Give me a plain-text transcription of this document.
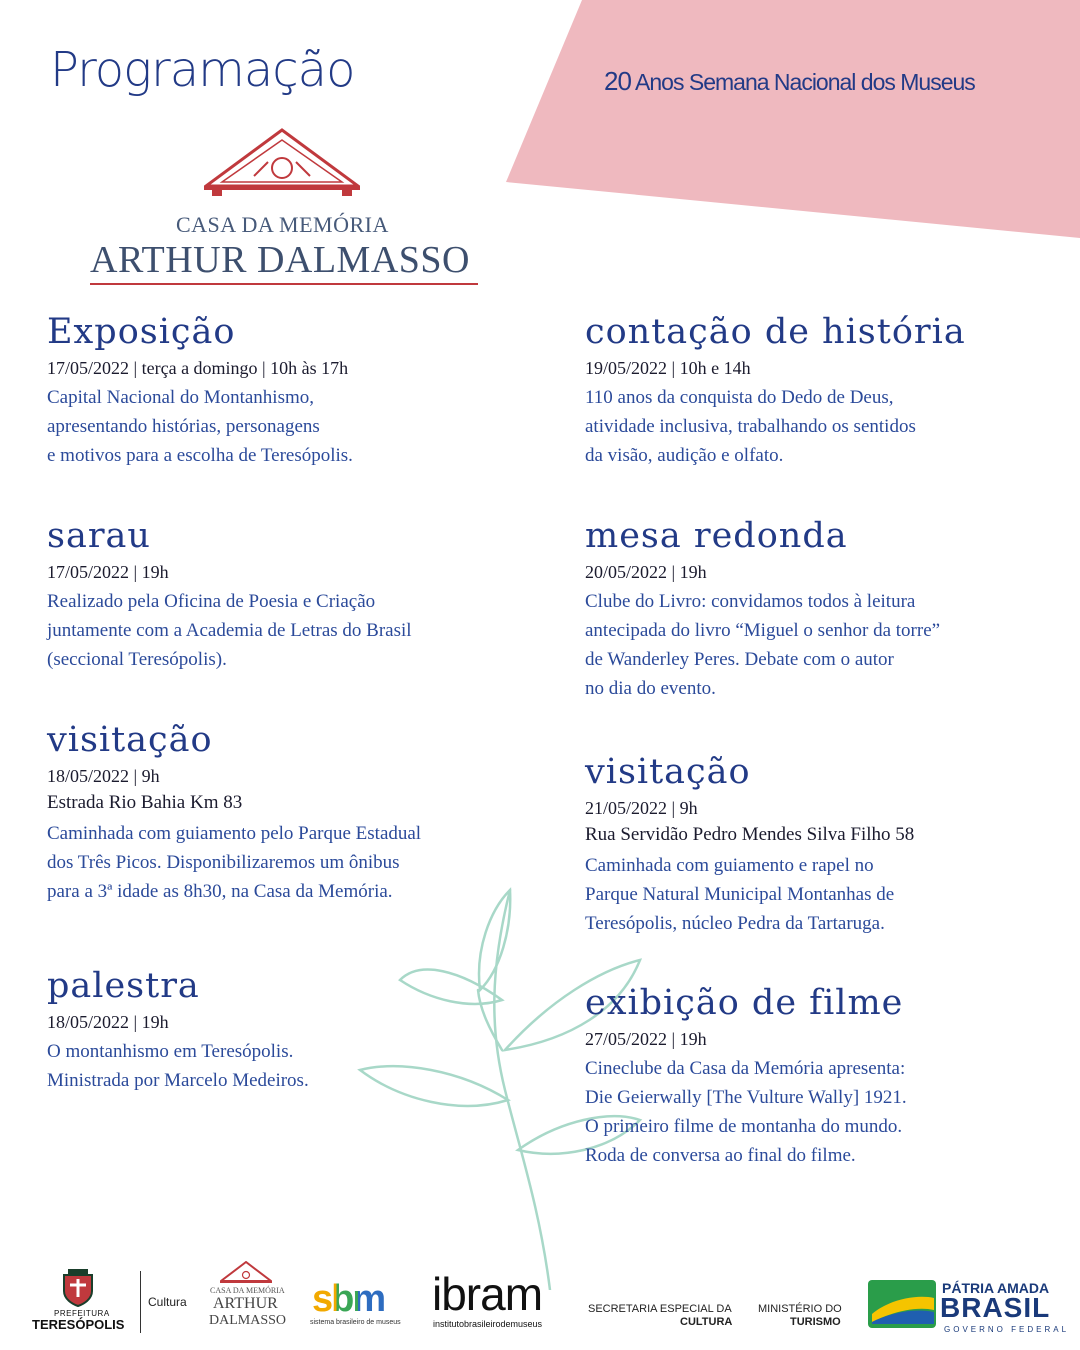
Programação	20 Anos Semana Nacional dos Museus
CASA DA MEMÓRIA
ARTHUR DALMASSO
Exposição
17/05/2022 | terça a domingo | 10h às 17h
Capital Nacional do Montanhismo,
apresentando histórias, personagens
e motivos para a escolha de Teresópolis.
sarau
17/05/2022 | 19h
Realizado pela Oficina de Poesia e Criação
juntamente com a Academia de Letras do Brasil
(seccional Teresópolis).
visitação
18/05/2022 | 9h
Estrada Rio Bahia Km 83
Caminhada com guiamento pelo Parque Estadual
dos Três Picos. Disponibilizaremos um ônibus
para a 3ª idade as 8h30, na Casa da Memória.
palestra
18/05/2022 | 19h
O montanhismo em Teresópolis.
Ministrada por Marcelo Medeiros.
contação de história
19/05/2022 | 10h e 14h
110 anos da conquista do Dedo de Deus,
atividade inclusiva, trabalhando os sentidos
da visão, audição e olfato.
mesa redonda
20/05/2022 | 19h
Clube do Livro: convidamos todos à leitura
antecipada do livro “Miguel o senhor da torre”
de Wanderley Peres. Debate com o autor
no dia do evento.
visitação
21/05/2022 | 9h
Rua Servidão Pedro Mendes Silva Filho 58
Caminhada com guiamento e rapel no
Parque Natural Municipal Montanhas de
Teresópolis, núcleo Pedra da Tartaruga.
exibição de filme
27/05/2022 | 19h
Cineclube da Casa da Memória apresenta:
Die Geierwally [The Vulture Wally] 1921.
O primeiro filme de montanha do mundo.
Roda de conversa ao final do filme.
PREFEITURA
TERESÓPOLIS
Cultura
CASA DA MEMÓRIA
ARTHUR
DALMASSO
sbm
sistema brasileiro de museus
ibram
institutobrasileirodemuseus
SECRETARIA ESPECIAL DA
CULTURA
MINISTÉRIO DO
TURISMO
PÁTRIA AMADA
BRASIL
GOVERNO FEDERAL
